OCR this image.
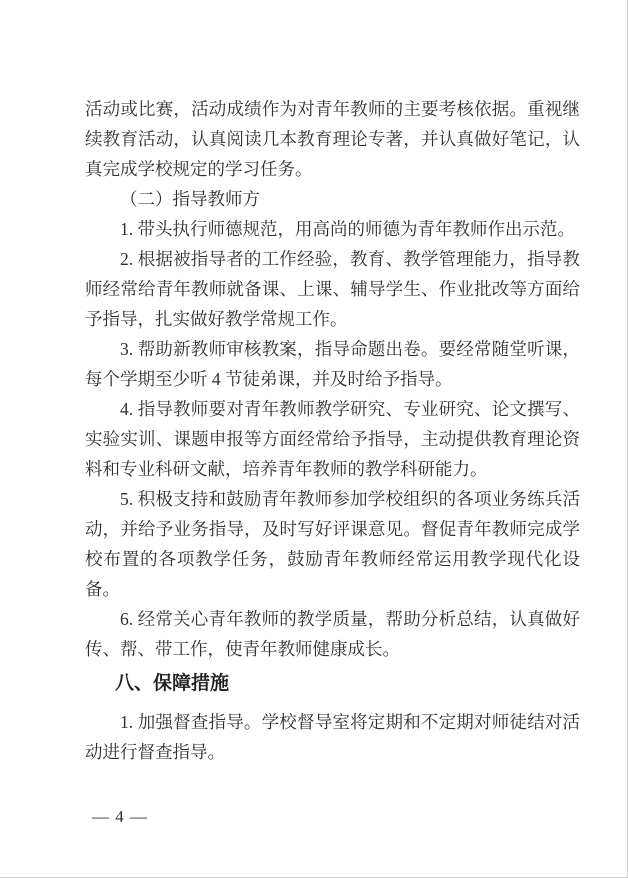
活动或比赛，活动成绩作为对青年教师的主要考核依据。重视继续教育活动，认真阅读几本教育理论专著，并认真做好笔记，认真完成学校规定的学习任务。

（二）指导教师方

1. 带头执行师德规范，用高尚的师德为青年教师作出示范。

2. 根据被指导者的工作经验，教育、教学管理能力，指导教师经常给青年教师就备课、上课、辅导学生、作业批改等方面给予指导，扎实做好教学常规工作。

3. 帮助新教师审核教案，指导命题出卷。要经常随堂听课，每个学期至少听 4 节徒弟课，并及时给予指导。

4. 指导教师要对青年教师教学研究、专业研究、论文撰写、实验实训、课题申报等方面经常给予指导，主动提供教育理论资料和专业科研文献，培养青年教师的教学科研能力。

5. 积极支持和鼓励青年教师参加学校组织的各项业务练兵活动，并给予业务指导，及时写好评课意见。督促青年教师完成学校布置的各项教学任务，鼓励青年教师经常运用教学现代化设备。

6. 经常关心青年教师的教学质量，帮助分析总结，认真做好传、帮、带工作，使青年教师健康成长。

八、保障措施

1. 加强督查指导。学校督导室将定期和不定期对师徒结对活动进行督查指导。

— 4 —
